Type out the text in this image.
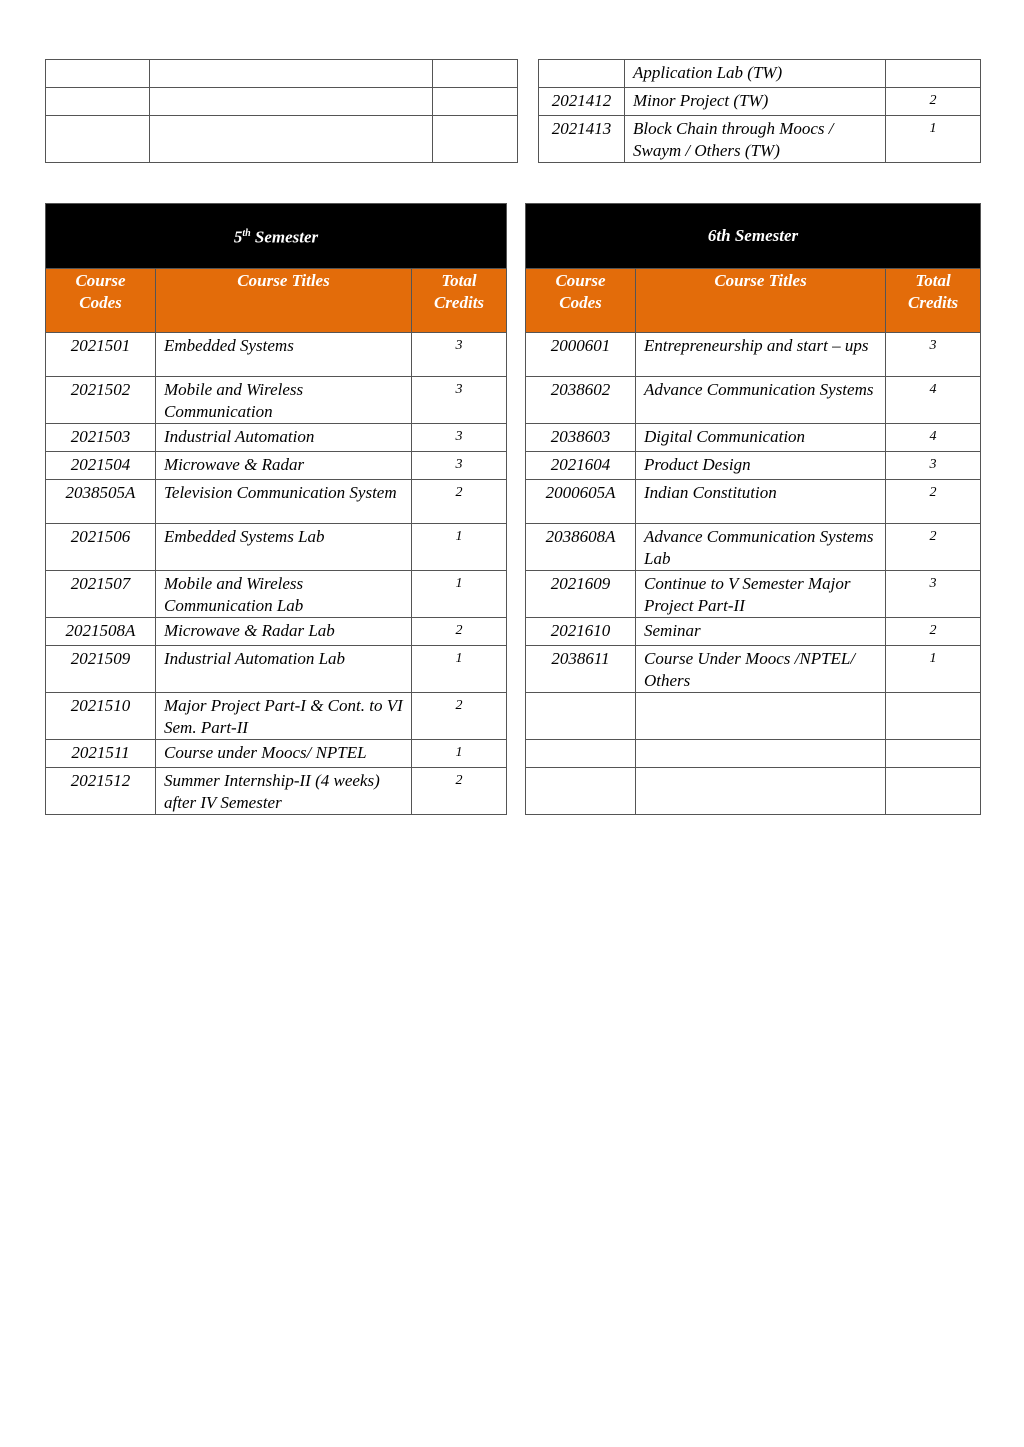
					Application Lab (TW)	
				2021412	Minor Project (TW)	2
				2021413	Block Chain through Moocs / Swaym / Others (TW)	1
5th Semester				6th Semester		
Course Codes	Course Titles	Total Credits		Course Codes	Course Titles	Total Credits
2021501	Embedded Systems	3		2000601	Entrepreneurship and start – ups	3
2021502	Mobile and Wireless Communication	3		2038602	Advance Communication Systems	4
2021503	Industrial Automation	3		2038603	Digital Communication	4
2021504	Microwave & Radar	3		2021604	Product Design	3
2038505A	Television Communication System	2		2000605A	Indian Constitution	2
2021506	Embedded Systems Lab	1		2038608A	Advance Communication Systems Lab	2
2021507	Mobile and Wireless Communication Lab	1		2021609	Continue to V Semester Major Project Part-II	3
2021508A	Microwave & Radar Lab	2		2021610	Seminar	2
2021509	Industrial Automation Lab	1		2038611	Course Under Moocs /NPTEL/ Others	1
2021510	Major Project Part-I & Cont. to VI Sem. Part-II	2				
2021511	Course under Moocs/ NPTEL	1				
2021512	Summer Internship-II (4 weeks) after IV Semester	2				
